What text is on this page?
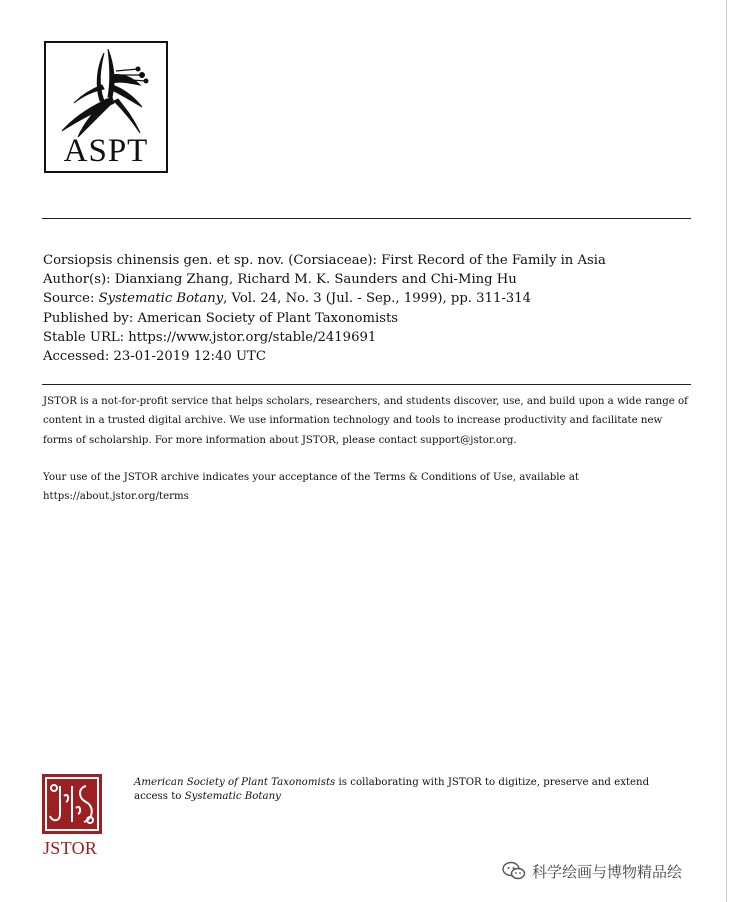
ASPT
Corsiopsis chinensis gen. et sp. nov. (Corsiaceae): First Record of the Family in Asia
Author(s): Dianxiang Zhang, Richard M. K. Saunders and Chi-Ming Hu
Source: Systematic Botany, Vol. 24, No. 3 (Jul. - Sep., 1999), pp. 311-314
Published by: American Society of Plant Taxonomists
Stable URL: https://www.jstor.org/stable/2419691
Accessed: 23-01-2019 12:40 UTC
JSTOR is a not-for-profit service that helps scholars, researchers, and students discover, use, and build upon a wide range of content in a trusted digital archive. We use information technology and tools to increase productivity and facilitate new forms of scholarship. For more information about JSTOR, please contact support@jstor.org.
Your use of the JSTOR archive indicates your acceptance of the Terms & Conditions of Use, available at https://about.jstor.org/terms
JSTOR
American Society of Plant Taxonomists is collaborating with JSTOR to digitize, preserve and extend access to Systematic Botany
科学绘画与博物精品绘
